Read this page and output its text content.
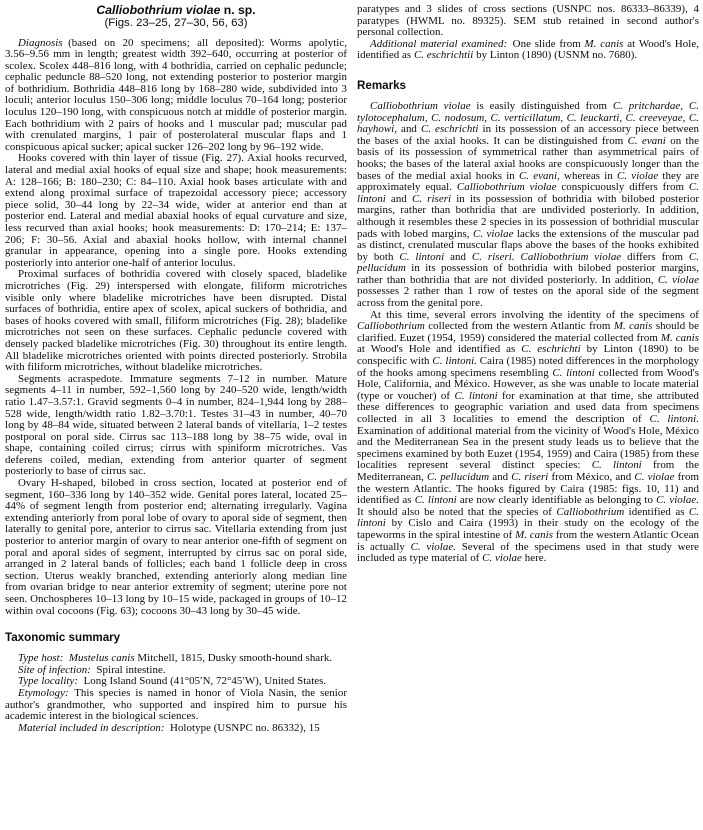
Calliobothrium violae n. sp.
(Figs. 23–25, 27–30, 56, 63)

Diagnosis (based on 20 specimens; all deposited): Worms apolytic, 3.56–9.56 mm in length; greatest width 392–640, occurring at posterior of scolex. Scolex 448–816 long, with 4 bothridia, carried on cephalic peduncle; cephalic peduncle 88–520 long, not extending posterior to posterior margin of bothridium. Bothridia 448–816 long by 168–280 wide, subdivided into 3 loculi; anterior loculus 150–306 long; middle loculus 70–164 long; posterior loculus 120–190 long, with conspicuous notch at middle of posterior margin. Each bothridium with 2 pairs of hooks and 1 muscular pad; muscular pad with crenulated margins, 1 pair of posterolateral muscular flaps and 1 conspicuous apical sucker; apical sucker 126–202 long by 96–192 wide.

Hooks covered with thin layer of tissue (Fig. 27). Axial hooks recurved, lateral and medial axial hooks of equal size and shape; hook measurements: A: 128–166; B: 180–230; C: 84–110. Axial hook bases articulate with and extend along proximal surface of trapezoidal accessory piece; accessory piece solid, 30–44 long by 22–34 wide, wider at anterior end than at posterior end. Lateral and medial abaxial hooks of equal curvature and size, less recurved than axial hooks; hook measurements: D: 170–214; E: 137–206; F: 30–56. Axial and abaxial hooks hollow, with internal channel granular in appearance, opening into a single pore. Hooks extending posteriorly into anterior one-half of anterior loculus.

Proximal surfaces of bothridia covered with closely spaced, bladelike microtriches (Fig. 29) interspersed with elongate, filiform microtriches visible only where bladelike microtriches have been disrupted. Distal surfaces of bothridia, entire apex of scolex, apical suckers of bothridia, and bases of hooks covered with small, filiform microtriches (Fig. 28); bladelike microtriches not seen on these surfaces. Cephalic peduncle covered with densely packed bladelike microtriches (Fig. 30) throughout its entire length. All bladelike microtriches oriented with points directed posteriorly. Strobila with filiform microtriches, without bladelike microtriches.

Segments acraspedote. Immature segments 7–12 in number. Mature segments 4–11 in number, 592–1,560 long by 240–520 wide, length/width ratio 1.47–3.57:1. Gravid segments 0–4 in number, 824–1,944 long by 288–528 wide, length/width ratio 1.82–3.70:1. Testes 31–43 in number, 40–70 long by 48–84 wide, situated between 2 lateral bands of vitellaria, 1–2 testes postporal on poral side. Cirrus sac 113–188 long by 38–75 wide, oval in shape, containing coiled cirrus; cirrus with spiniform microtriches. Vas deferens coiled, median, extending from anterior quarter of segment posteriorly to base of cirrus sac.

Ovary H-shaped, bilobed in cross section, located at posterior end of segment, 160–336 long by 140–352 wide. Genital pores lateral, located 25–44% of segment length from posterior end; alternating irregularly. Vagina extending anteriorly from poral lobe of ovary to aporal side of segment, then laterally to genital pore, anterior to cirrus sac. Vitellaria extending from just posterior to anterior margin of ovary to near anterior one-fifth of segment on poral and aporal sides of segment, interrupted by cirrus sac on poral side, arranged in 2 lateral bands of follicles; each band 1 follicle deep in cross section. Uterus weakly branched, extending anteriorly along median line from ovarian bridge to near anterior extremity of segment; uterine pore not seen. Onchospheres 10–13 long by 10–15 wide, packaged in groups of 10–12 within oval cocoons (Fig. 63); cocoons 30–43 long by 30–45 wide.

Taxonomic summary

Type host:  Mustelus canis Mitchell, 1815, Dusky smooth-hound shark.

Site of infection: Spiral intestine.

Type locality: Long Island Sound (41°05′N, 72°45′W), United States.

Etymology: This species is named in honor of Viola Nasin, the senior author's grandmother, who supported and inspired him to pursue his academic interest in the biological sciences.

Material included in description: Holotype (USNPC no. 86332), 15

paratypes and 3 slides of cross sections (USNPC nos. 86333–86339), 4 paratypes (HWML no. 89325). SEM stub retained in second author's personal collection.

Additional material examined: One slide from M. canis at Wood's Hole, identified as C. eschrichtii by Linton (1890) (USNM no. 7680).

Remarks

Calliobothrium violae is easily distinguished from C. pritchardae, C. tylotocephalum, C. nodosum, C. verticillatum, C. leuckarti, C. creeveyae, C. hayhowi, and C. eschrichti in its possession of an accessory piece between the bases of the axial hooks. It can be distinguished from C. evani on the basis of its possession of symmetrical rather than asymmetrical pairs of hooks; the bases of the lateral axial hooks are conspicuously longer than the bases of the medial axial hooks in C. evani, whereas in C. violae they are approximately equal. Calliobothrium violae conspicuously differs from C. lintoni and C. riseri in its possession of bothridia with bilobed posterior margins, rather than bothridia that are undivided posteriorly. In addition, although it resembles these 2 species in its possession of bothridial muscular pads with lobed margins, C. violae lacks the extensions of the muscular pad as distinct, crenulated muscular flaps above the bases of the hooks exhibited by both C. lintoni and C. riseri. Calliobothrium violae differs from C. pellucidum in its possession of bothridia with bilobed posterior margins, rather than bothridia that are not divided posteriorly. In addition, C. violae possesses 2 rather than 1 row of testes on the aporal side of the segment across from the genital pore.

At this time, several errors involving the identity of the specimens of Calliobothrium collected from the western Atlantic from M. canis should be clarified. Euzet (1954, 1959) considered the material collected from M. canis at Wood's Hole and identified as C. eschrichti by Linton (1890) to be conspecific with C. lintoni. Caira (1985) noted differences in the morphology of the hooks among specimens resembling C. lintoni collected from Wood's Hole, California, and México. However, as she was unable to locate material (type or voucher) of C. lintoni for examination at that time, she attributed these differences to geographic variation and used data from specimens collected in all 3 localities to emend the description of C. lintoni. Examination of additional material from the vicinity of Wood's Hole, México and the Mediterranean Sea in the present study leads us to believe that the specimens examined by both Euzet (1954, 1959) and Caira (1985) from these localities represent several distinct species: C. lintoni from the Mediterranean, C. pellucidum and C. riseri from México, and C. violae from the western Atlantic. The hooks figured by Caira (1985: figs. 10, 11) and identified as C. lintoni are now clearly identifiable as belonging to C. violae. It should also be noted that the species of Calliobothrium identified as C. lintoni by Cislo and Caira (1993) in their study on the ecology of the tapeworms in the spiral intestine of M. canis from the western Atlantic Ocean is actually C. violae. Several of the specimens used in that study were included as type material of C. violae here.
